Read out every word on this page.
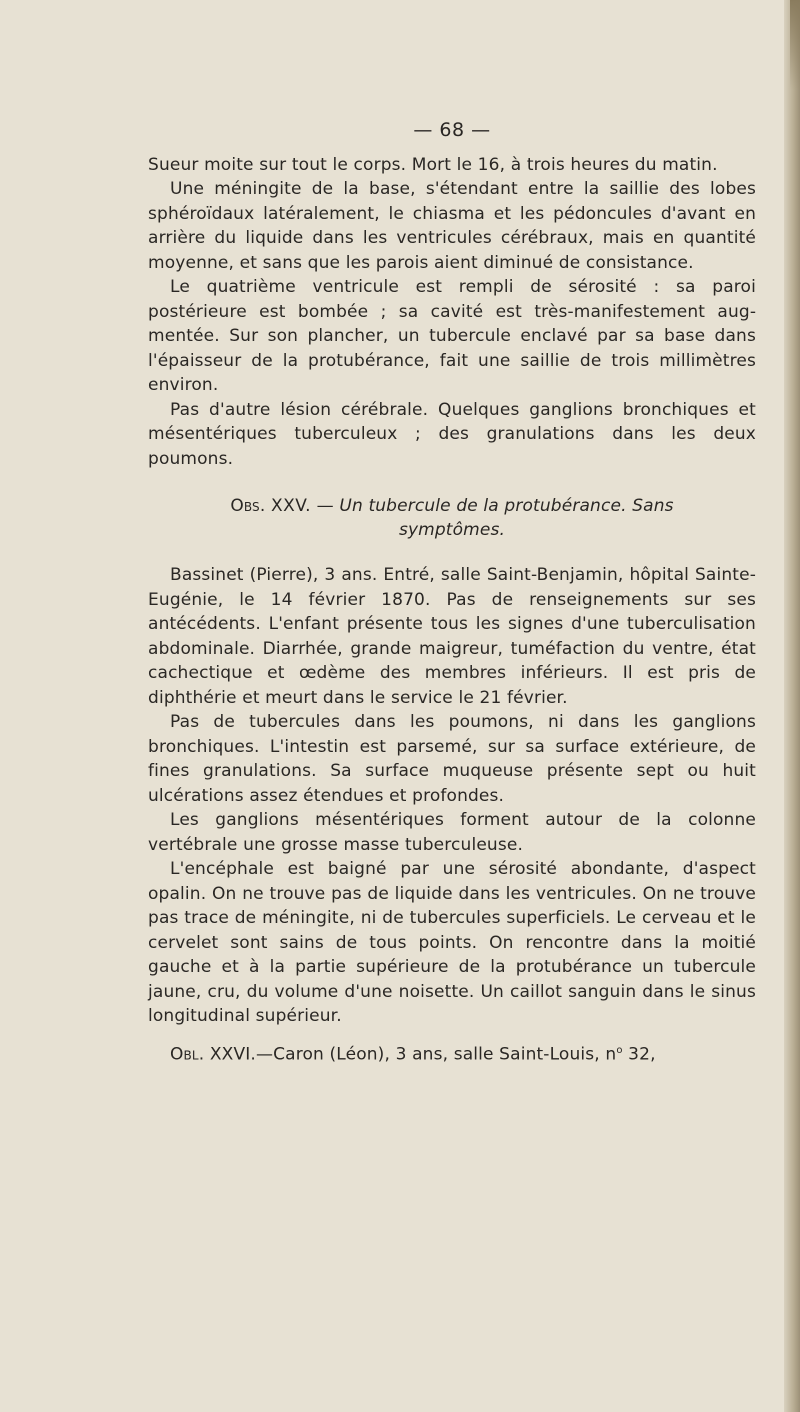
— 68 —

Sueur moite sur tout le corps. Mort le 16, à trois heures du matin.

Une méningite de la base, s'étendant entre la saillie des lobes sphéroïdaux latéralement, le chiasma et les pédoncules d'avant en arrière du liquide dans les ventricules cérébraux, mais en quantité moyenne, et sans que les parois aient diminué de consistance.

Le quatrième ventricule est rempli de sérosité : sa paroi postérieure est bombée ; sa cavité est très-manifestement augmentée. Sur son plancher, un tubercule enclavé par sa base dans l'épaisseur de la protubérance, fait une saillie de trois millimètres environ.

Pas d'autre lésion cérébrale. Quelques ganglions bronchiques et mésentériques tuberculeux ; des granulations dans les deux poumons.

Obs. XXV. — Un tubercule de la protubérance. Sans
symptômes.

Bassinet (Pierre), 3 ans. Entré, salle Saint-Benjamin, hôpital Sainte-Eugénie, le 14 février 1870. Pas de renseignements sur ses antécédents. L'enfant présente tous les signes d'une tuberculisation abdominale. Diarrhée, grande maigreur, tuméfaction du ventre, état cachectique et œdème des membres inférieurs. Il est pris de diphthérie et meurt dans le service le 21 février.

Pas de tubercules dans les poumons, ni dans les ganglions bronchiques. L'intestin est parsemé, sur sa surface extérieure, de fines granulations. Sa surface muqueuse présente sept ou huit ulcérations assez étendues et profondes.

Les ganglions mésentériques forment autour de la colonne vertébrale une grosse masse tuberculeuse.

L'encéphale est baigné par une sérosité abondante, d'aspect opalin. On ne trouve pas de liquide dans les ventricules. On ne trouve pas trace de méningite, ni de tubercules superficiels. Le cerveau et le cervelet sont sains de tous points. On rencontre dans la moitié gauche et à la partie supérieure de la protubérance un tubercule jaune, cru, du volume d'une noisette. Un caillot sanguin dans le sinus longitudinal supérieur.

Obl. XXVI.—Caron (Léon), 3 ans, salle Saint-Louis, $n^o$ 32,
